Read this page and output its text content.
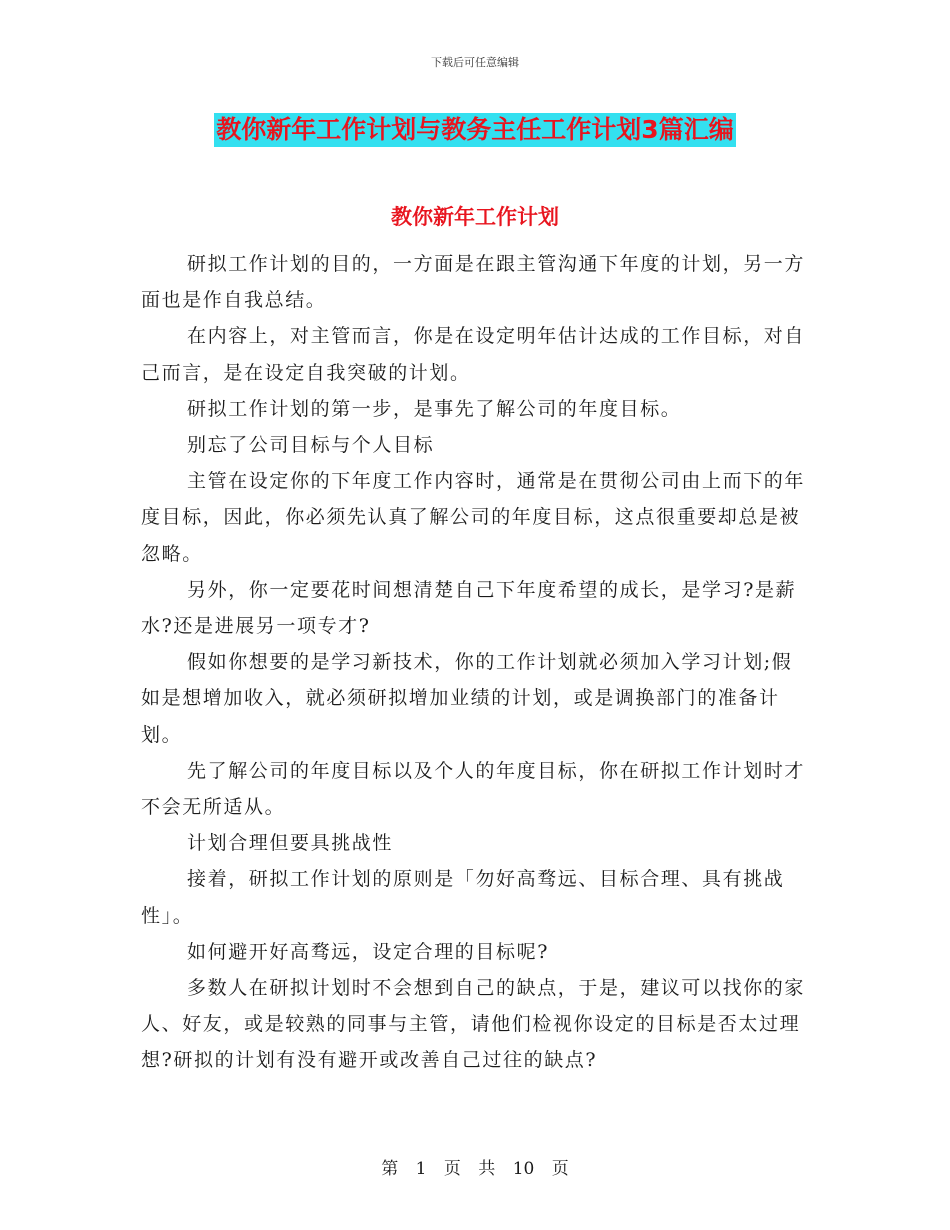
下载后可任意编辑
教你新年工作计划与教务主任工作计划3篇汇编
教你新年工作计划

研拟工作计划的目的，一方面是在跟主管沟通下年度的计划，另一方面也是作自我总结。

在内容上，对主管而言，你是在设定明年估计达成的工作目标，对自己而言，是在设定自我突破的计划。

研拟工作计划的第一步，是事先了解公司的年度目标。

别忘了公司目标与个人目标

主管在设定你的下年度工作内容时，通常是在贯彻公司由上而下的年度目标，因此，你必须先认真了解公司的年度目标，这点很重要却总是被忽略。

另外，你一定要花时间想清楚自己下年度希望的成长，是学习?是薪水?还是进展另一项专才?

假如你想要的是学习新技术，你的工作计划就必须加入学习计划;假如是想增加收入，就必须研拟增加业绩的计划，或是调换部门的准备计划。

先了解公司的年度目标以及个人的年度目标，你在研拟工作计划时才不会无所适从。

计划合理但要具挑战性

接着，研拟工作计划的原则是「勿好高骛远、目标合理、具有挑战性」。

如何避开好高骛远，设定合理的目标呢?

多数人在研拟计划时不会想到自己的缺点，于是，建议可以找你的家人、好友，或是较熟的同事与主管，请他们检视你设定的目标是否太过理想?研拟的计划有没有避开或改善自己过往的缺点?

第 1 页 共 10 页
